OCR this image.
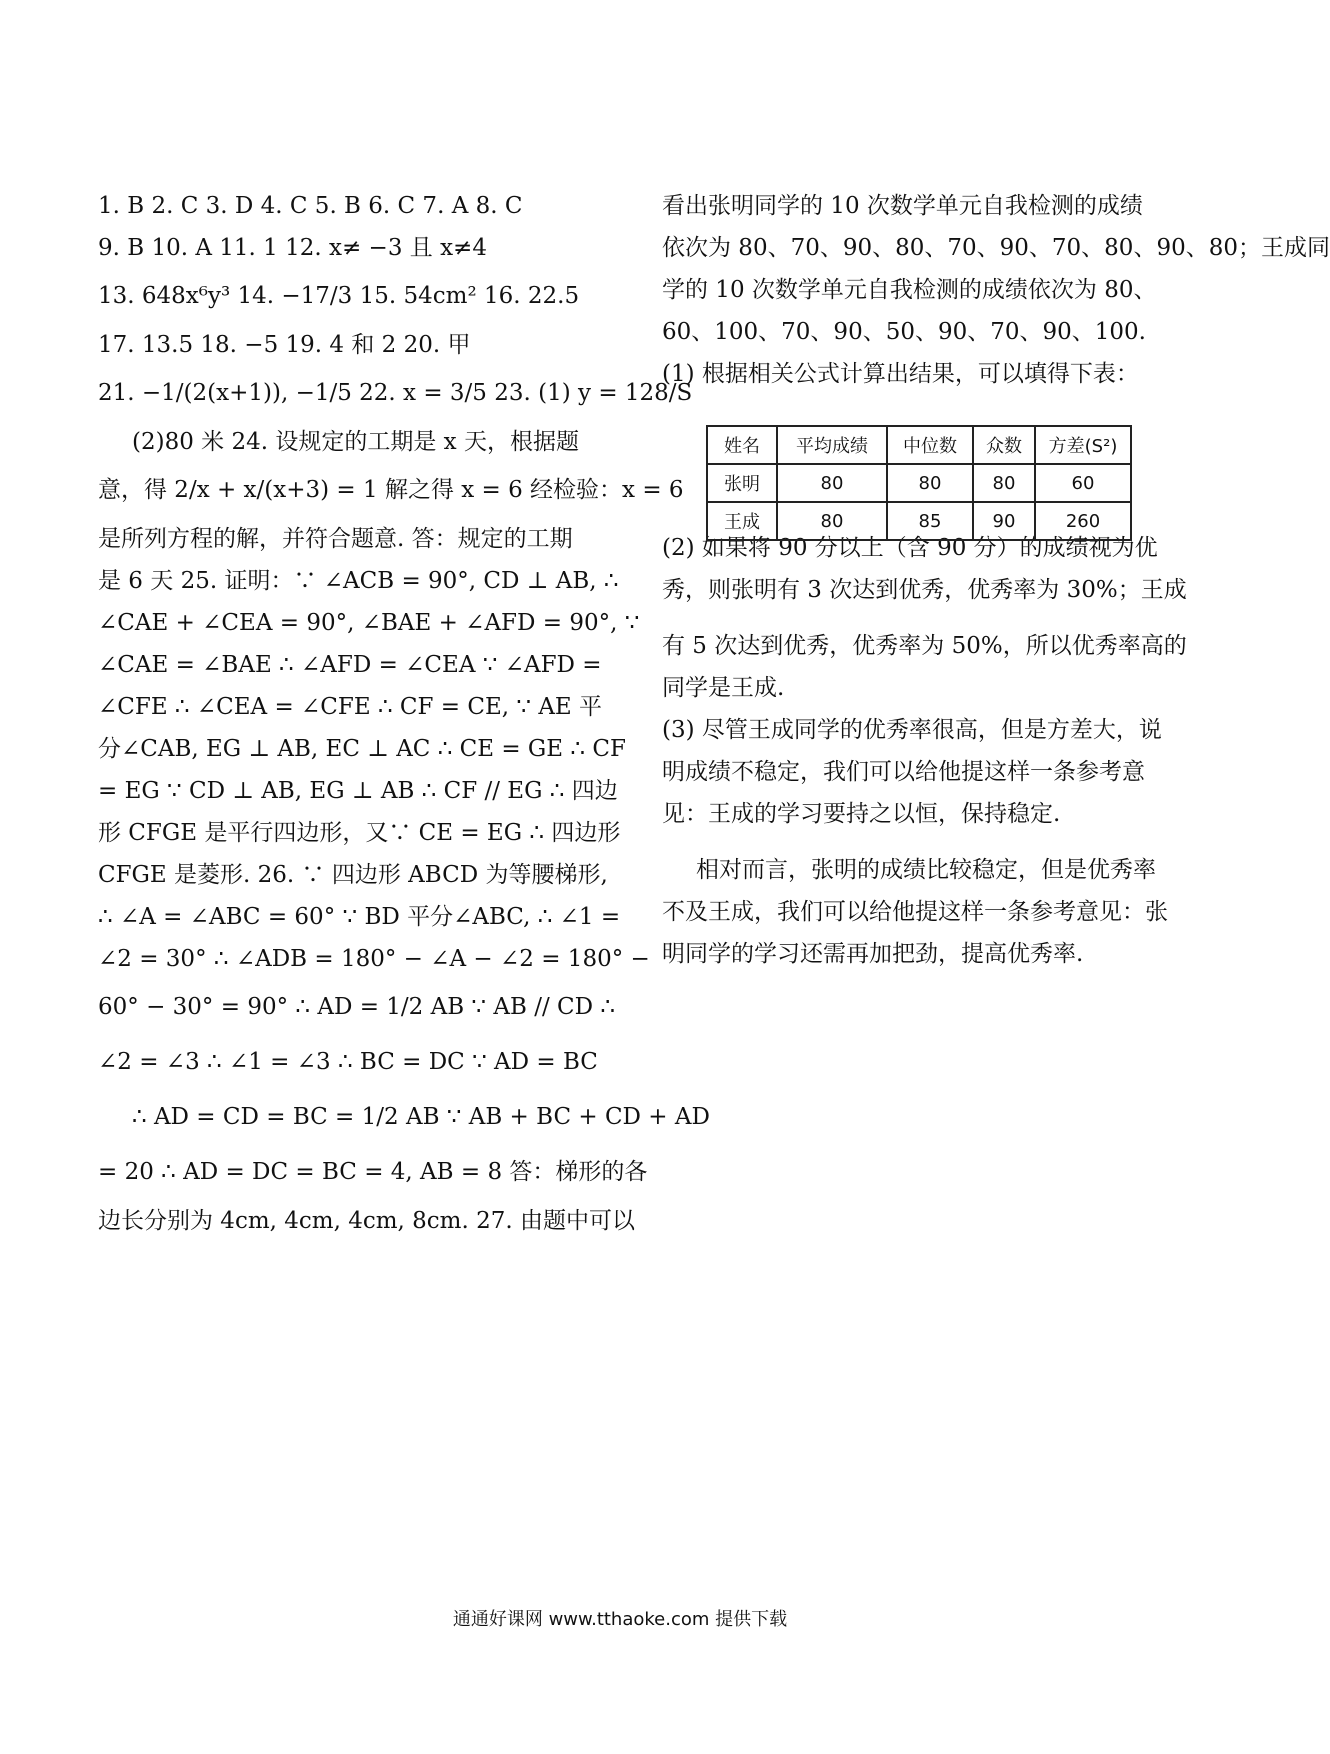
1. B 2. C 3. D 4. C 5. B 6. C 7. A 8. C
9. B 10. A 11. 1 12. x≠ −3 且 x≠4
13. 648x⁶y³ 14. −17/3 15. 54cm² 16. 22.5
17. 13.5 18. −5 19. 4 和 2 20. 甲
21. −1/(2(x+1)), −1/5 22. x = 3/5 23. (1) y = 128/S
(2)80 米 24. 设规定的工期是 x 天，根据题
意，得 2/x + x/(x+3) = 1 解之得 x = 6 经检验：x = 6
是所列方程的解，并符合题意. 答：规定的工期
是 6 天 25. 证明：∵ ∠ACB = 90°, CD ⊥ AB, ∴
∠CAE + ∠CEA = 90°, ∠BAE + ∠AFD = 90°, ∵
∠CAE = ∠BAE ∴ ∠AFD = ∠CEA ∵ ∠AFD =
∠CFE ∴ ∠CEA = ∠CFE ∴ CF = CE, ∵ AE 平
分∠CAB, EG ⊥ AB, EC ⊥ AC ∴ CE = GE ∴ CF
= EG ∵ CD ⊥ AB, EG ⊥ AB ∴ CF // EG ∴ 四边
形 CFGE 是平行四边形，又∵ CE = EG ∴ 四边形
CFGE 是菱形. 26. ∵ 四边形 ABCD 为等腰梯形,
∴ ∠A = ∠ABC = 60° ∵ BD 平分∠ABC, ∴ ∠1 =
∠2 = 30° ∴ ∠ADB = 180° − ∠A − ∠2 = 180° −
60° − 30° = 90° ∴ AD = 1/2 AB ∵ AB // CD ∴
∠2 = ∠3 ∴ ∠1 = ∠3 ∴ BC = DC ∵ AD = BC
∴ AD = CD = BC = 1/2 AB ∵ AB + BC + CD + AD
= 20 ∴ AD = DC = BC = 4, AB = 8 答：梯形的各
边长分别为 4cm, 4cm, 4cm, 8cm. 27. 由题中可以
看出张明同学的 10 次数学单元自我检测的成绩
依次为 80、70、90、80、70、90、70、80、90、80；王成同
学的 10 次数学单元自我检测的成绩依次为 80、
60、100、70、90、50、90、70、90、100.
(1) 根据相关公式计算出结果，可以填得下表：
(2) 如果将 90 分以上（含 90 分）的成绩视为优
秀，则张明有 3 次达到优秀，优秀率为 30%；王成
有 5 次达到优秀，优秀率为 50%，所以优秀率高的
同学是王成.
(3) 尽管王成同学的优秀率很高，但是方差大，说
明成绩不稳定，我们可以给他提这样一条参考意
见：王成的学习要持之以恒，保持稳定.
相对而言，张明的成绩比较稳定，但是优秀率
不及王成，我们可以给他提这样一条参考意见：张
明同学的学习还需再加把劲，提高优秀率.
姓名	平均成绩	中位数	众数	方差(S²)
张明	80	80	80	60
王成	80	85	90	260
通通好课网 www.tthaoke.com 提供下载
